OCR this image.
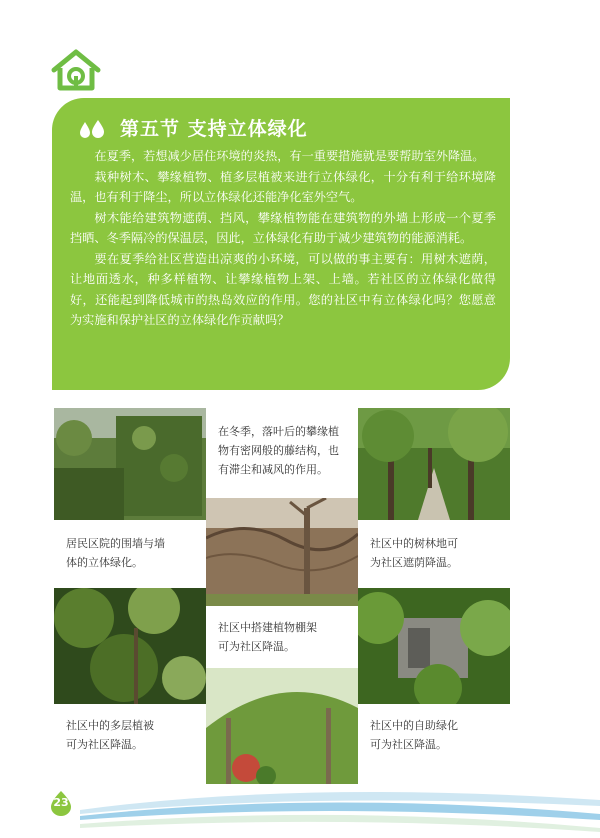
第五节 支持立体绿化

在夏季，若想减少居住环境的炎热，有一重要措施就是要帮助室外降温。

栽种树木、攀缘植物、植多层植被来进行立体绿化，十分有利于给环境降温，也有利于降尘，所以立体绿化还能净化室外空气。

树木能给建筑物遮荫、挡风，攀缘植物能在建筑物的外墙上形成一个夏季挡晒、冬季隔冷的保温层，因此，立体绿化有助于减少建筑物的能源消耗。

要在夏季给社区营造出凉爽的小环境，可以做的事主要有：用树木遮荫，让地面透水，种多样植物、让攀缘植物上架、上墙。若社区的立体绿化做得好，还能起到降低城市的热岛效应的作用。您的社区中有立体绿化吗？您愿意为实施和保护社区的立体绿化作贡献吗？

居民区院的围墙与墙
体的立体绿化。
社区中的多层植被
可为社区降温。
在冬季，落叶后的攀缘植
物有密网般的藤结构，也
有滞尘和减风的作用。
社区中搭建植物棚架
可为社区降温。
社区中的树林地可
为社区遮荫降温。
社区中的自助绿化
可为社区降温。
23
